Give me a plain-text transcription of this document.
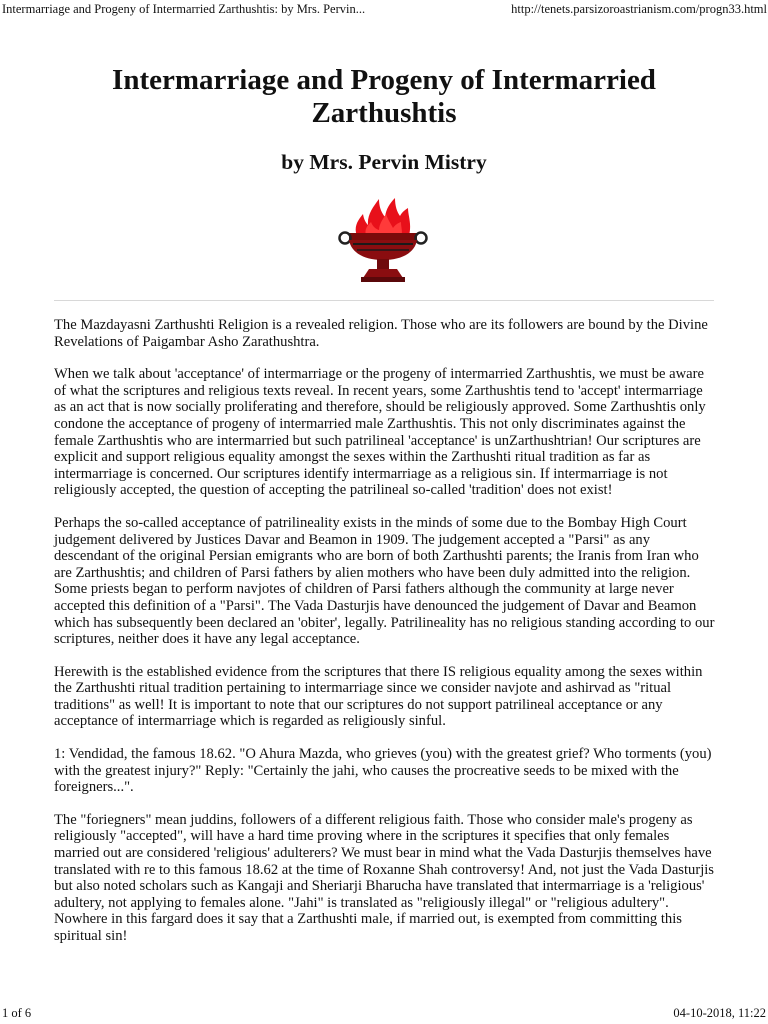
Intermarriage and Progeny of Intermarried Zarthushtis: by Mrs. Pervin...	http://tenets.parsizoroastrianism.com/progn33.html
Intermarriage and Progeny of Intermarried Zarthushtis
by Mrs. Pervin Mistry

The Mazdayasni Zarthushti Religion is a revealed religion. Those who are its followers are bound by the Divine Revelations of Paigambar Asho Zarathushtra.

When we talk about 'acceptance' of intermarriage or the progeny of intermarried Zarthushtis, we must be aware of what the scriptures and religious texts reveal. In recent years, some Zarthushtis tend to 'accept' intermarriage as an act that is now socially proliferating and therefore, should be religiously approved. Some Zarthushtis only condone the acceptance of progeny of intermarried male Zarthushtis. This not only discriminates against the female Zarthushtis who are intermarried but such patrilineal 'acceptance' is unZarthushtrian! Our scriptures are explicit and support religious equality amongst the sexes within the Zarthushti ritual tradition as far as intermarriage is concerned. Our scriptures identify intermarriage as a religious sin. If intermarriage is not religiously accepted, the question of accepting the patrilineal so-called 'tradition' does not exist!

Perhaps the so-called acceptance of patrilineality exists in the minds of some due to the Bombay High Court judgement delivered by Justices Davar and Beamon in 1909. The judgement accepted a "Parsi" as any descendant of the original Persian emigrants who are born of both Zarthushti parents; the Iranis from Iran who are Zarthushtis; and children of Parsi fathers by alien mothers who have been duly admitted into the religion. Some priests began to perform navjotes of children of Parsi fathers although the community at large never accepted this definition of a "Parsi". The Vada Dasturjis have denounced the judgement of Davar and Beamon which has subsequently been declared an 'obiter', legally. Patrilineality has no religious standing according to our scriptures, neither does it have any legal acceptance.

Herewith is the established evidence from the scriptures that there IS religious equality among the sexes within the Zarthushti ritual tradition pertaining to intermarriage since we consider navjote and ashirvad as "ritual traditions" as well! It is important to note that our scriptures do not support patrilineal acceptance or any acceptance of intermarriage which is regarded as religiously sinful.

1: Vendidad, the famous 18.62. "O Ahura Mazda, who grieves (you) with the greatest grief? Who torments (you) with the greatest injury?" Reply: "Certainly the jahi, who causes the procreative seeds to be mixed with the foreigners...".

The "foriegners" mean juddins, followers of a different religious faith. Those who consider male's progeny as religiously "accepted", will have a hard time proving where in the scriptures it specifies that only females married out are considered 'religious' adulterers? We must bear in mind what the Vada Dasturjis themselves have translated with re to this famous 18.62 at the time of Roxanne Shah controversy! And, not just the Vada Dasturjis but also noted scholars such as Kangaji and Sheriarji Bharucha have translated that intermarriage is a 'religious' adultery, not applying to females alone. "Jahi" is translated as "religiously illegal" or "religious adultery". Nowhere in this fargard does it say that a Zarthushti male, if married out, is exempted from committing this spiritual sin!

1 of 6	04-10-2018, 11:22
